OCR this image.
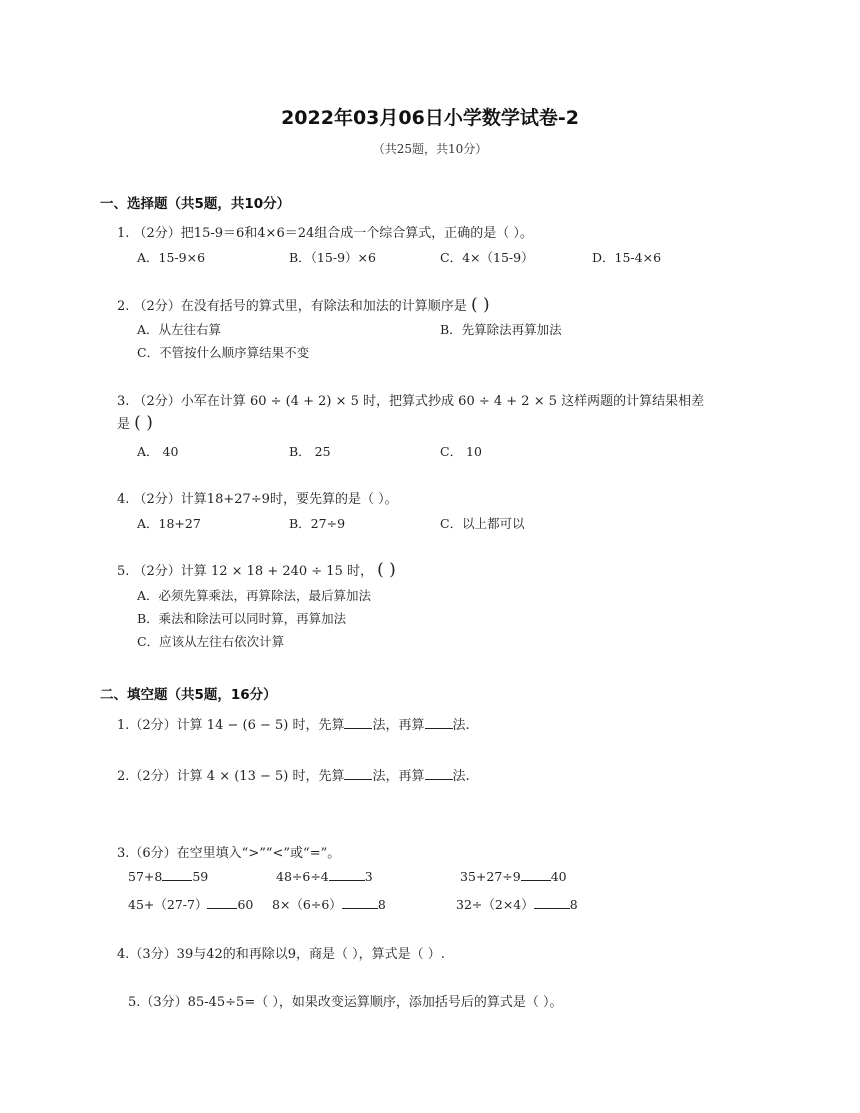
2022年03月06日小学数学试卷-2
（共25题，共10分）
一、选择题（共5题，共10分）
1. （2分）把15-9＝6和4×6＝24组合成一个综合算式，正确的是（ ）。
A．15-9×6	B．（15-9）×6	C．4×（15-9）	D．15-4×6
2. （2分）在没有括号的算式里，有除法和加法的计算顺序是 ( )
A．从左往右算	B．先算除法再算加法
C．不管按什么顺序算结果不变
3. （2分）小军在计算 60 ÷ (4 + 2) × 5 时，把算式抄成 60 ÷ 4 + 2 × 5 这样两题的计算结果相差
是 ( )
A． 40	B． 25	C． 10
4. （2分）计算18+27÷9时，要先算的是（ ）。
A．18+27	B．27÷9	C．以上都可以
5. （2分）计算 12 × 18 + 240 ÷ 15 时， ( )
A．必须先算乘法，再算除法，最后算加法
B．乘法和除法可以同时算，再算加法
C．应该从左往右依次计算
二、填空题（共5题，16分）
1.（2分）计算 14 − (6 − 5) 时，先算 法，再算 法.
2.（2分）计算 4 × (13 − 5) 时，先算 法，再算 法.
3.（6分）在空里填入“>”“<”或“=”。
57+8 59	48÷6÷4	3	35+27÷9 40
45+（27-7） 60 8×（6÷6）	8	32÷（2×4）	8
4.（3分）39与42的和再除以9，商是（ ），算式是（ ）.
5.（3分）85-45÷5=（ ），如果改变运算顺序，添加括号后的算式是（ ）。
